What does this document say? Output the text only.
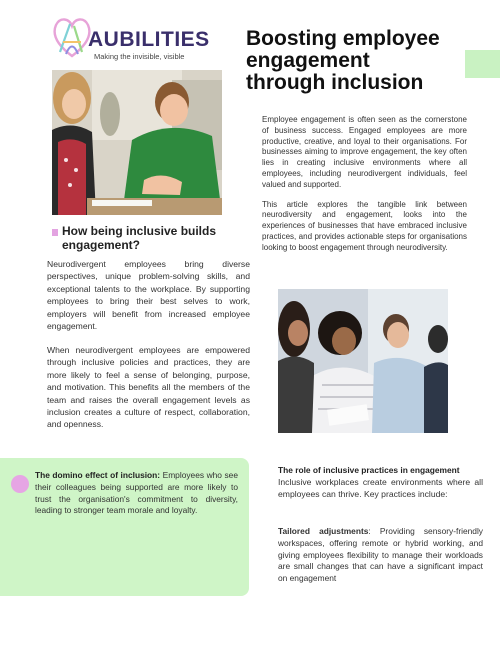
AUBILITIES
Making the invisible, visible
Boosting employee
engagement
through inclusion

Employee engagement is often seen as the cornerstone of business success. Engaged employees are more productive, creative, and loyal to their organisations. For businesses aiming to improve engagement, the key often lies in creating inclusive environments where all employees, including neurodivergent individuals, feel valued and supported.

This article explores the tangible link between neurodiversity and engagement, looks into the experiences of businesses that have embraced inclusive practices, and provides actionable steps for organisations looking to boost engagement through neurodiversity.

How being inclusive builds engagement?

Neurodivergent employees bring diverse perspectives, unique problem-solving skills, and exceptional talents to the workplace. By supporting employees to bring their best selves to work, employers will benefit from increased employee engagement.

When neurodivergent employees are empowered through inclusive policies and practices, they are more likely to feel a sense of belonging, purpose, and motivation. This benefits all the members of the team and raises the overall engagement levels as inclusion creates a culture of respect, collaboration, and openness.

The domino effect of inclusion: Employees who see their colleagues being supported are more likely to trust the organisation's commitment to diversity, leading to stronger team morale and loyalty.

The role of inclusive practices in engagement

Inclusive workplaces create environments where all employees can thrive. Key practices include:

Tailored adjustments: Providing sensory-friendly workspaces, offering remote or hybrid working, and giving employees flexibility to manage their workloads are small changes that can have a significant impact on engagement
